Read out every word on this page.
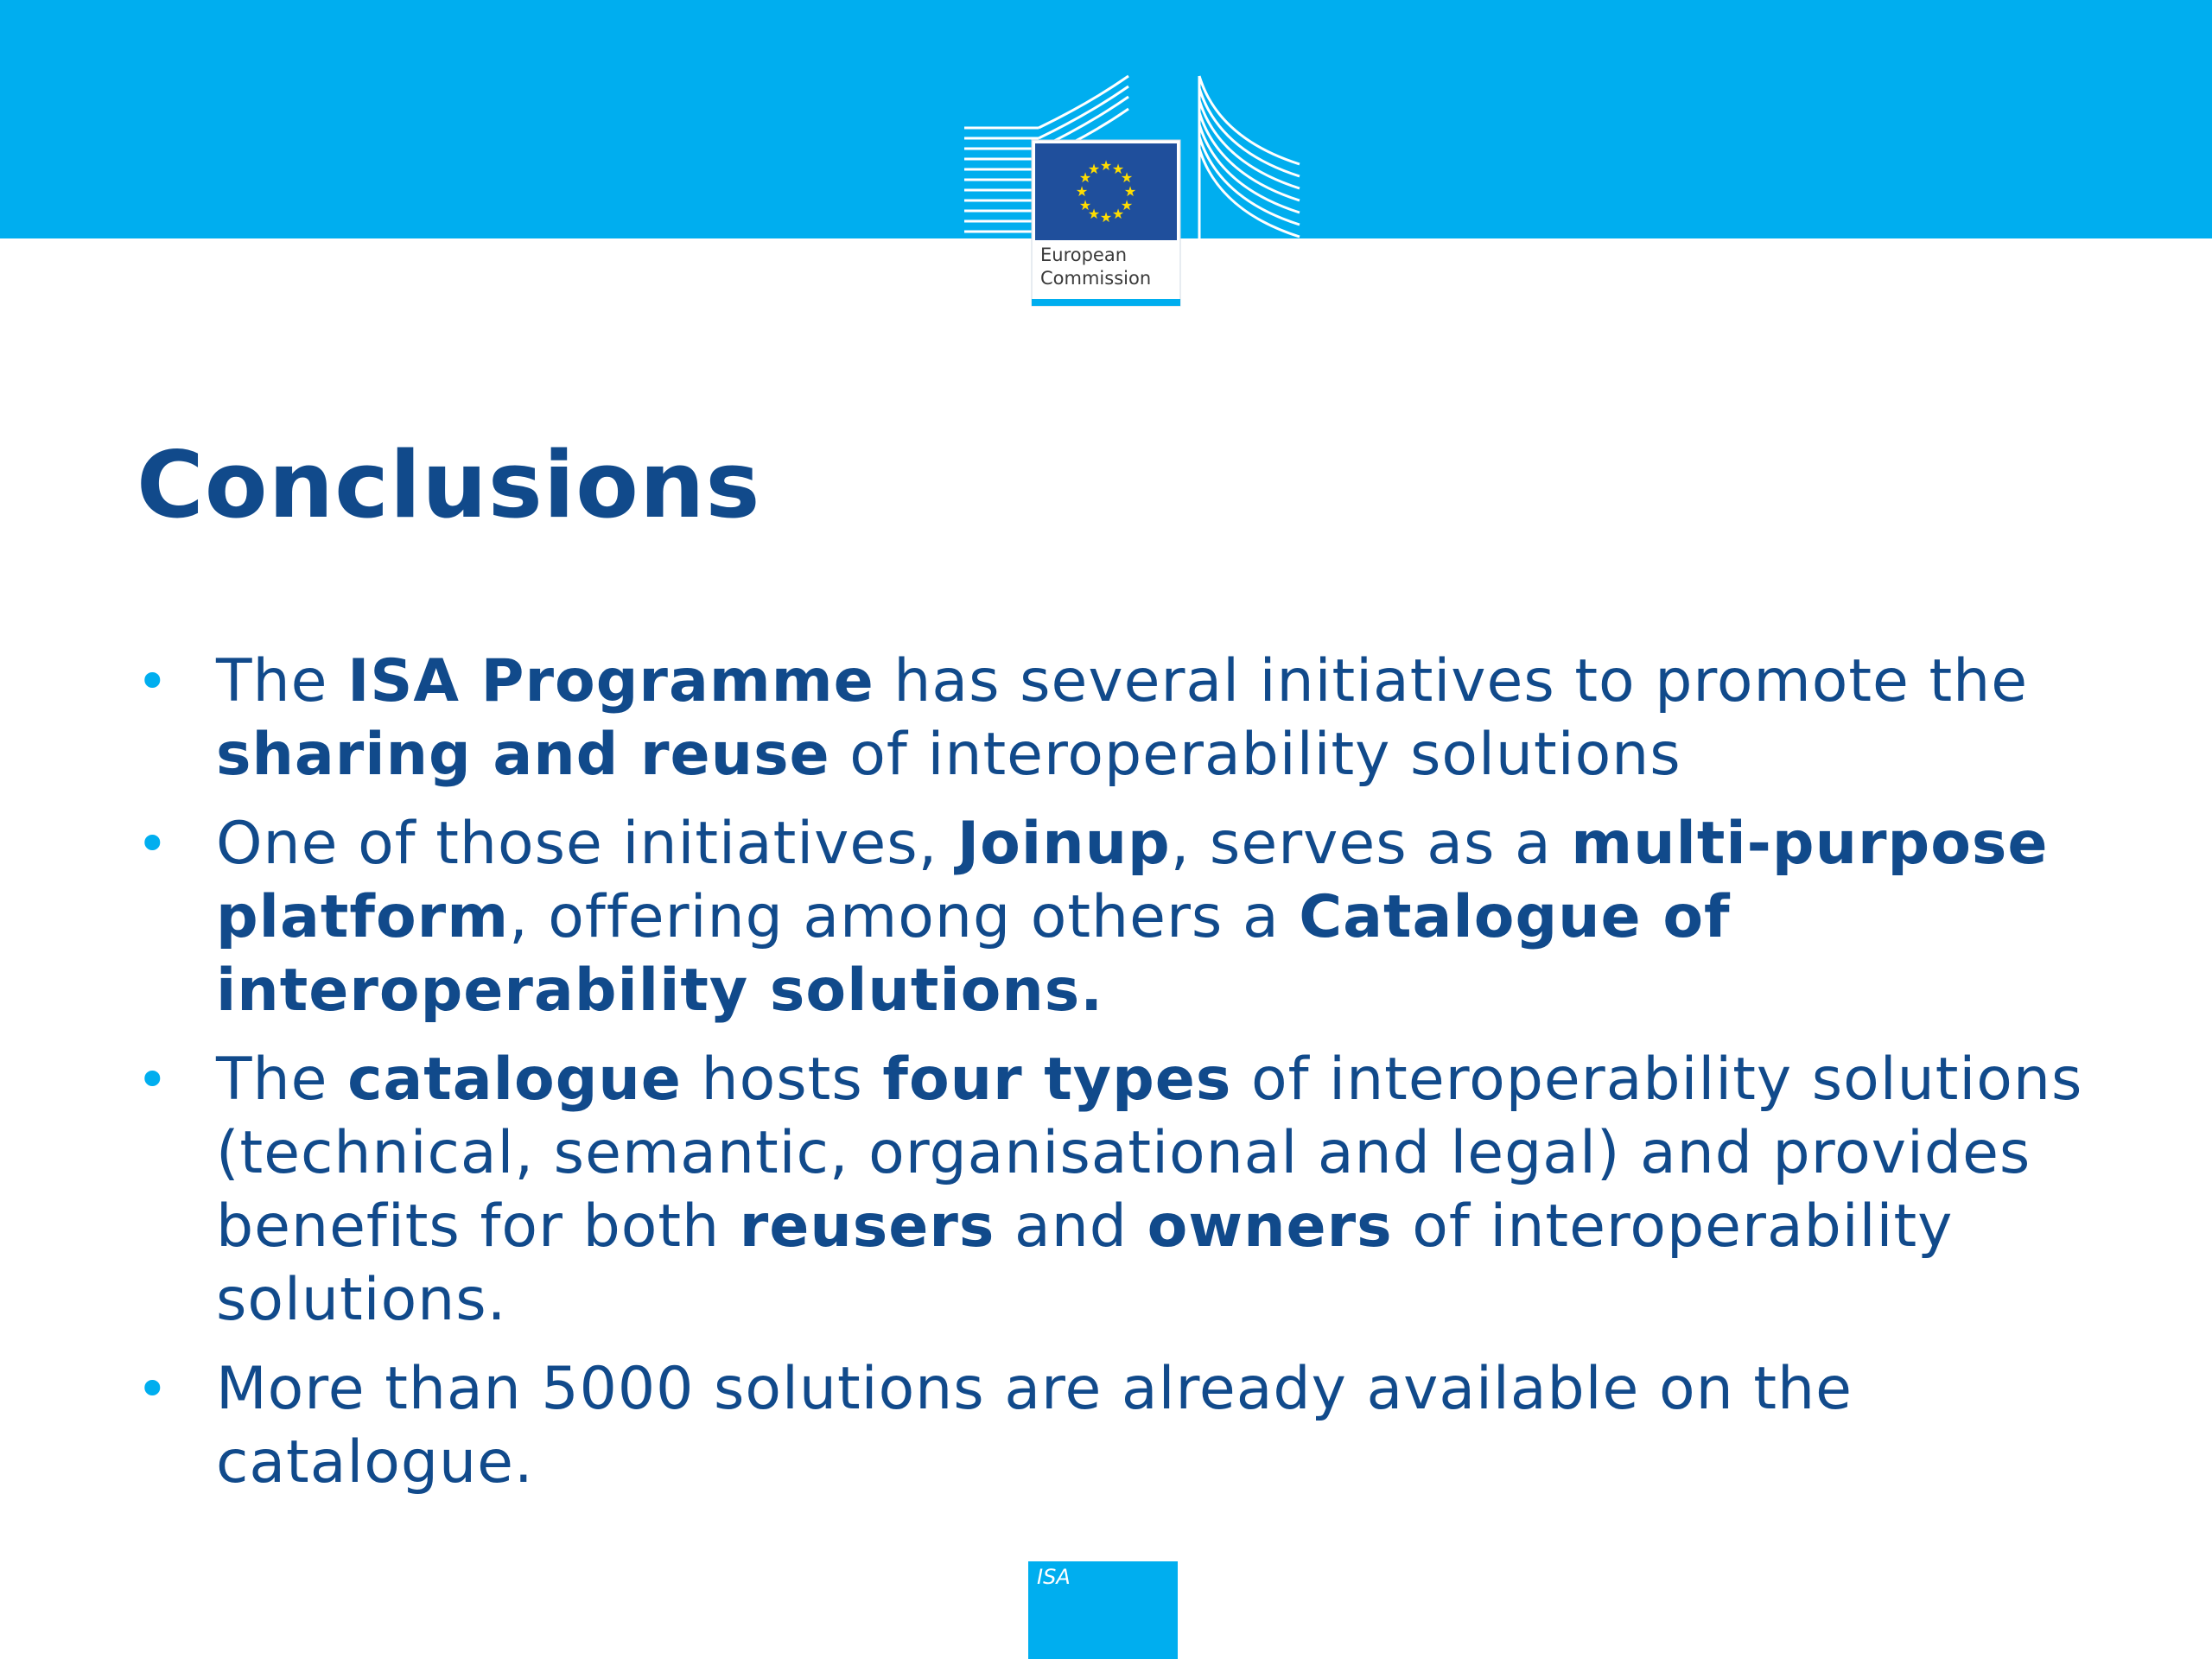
★ ★
★
★
★
★
★
★
★
★
★
★
European
Commission
Conclusions
• The ISA Programme has several initiatives to promote the sharing and reuse of interoperability solutions
• One of those initiatives, Joinup, serves as a multi-purpose platform, offering among others a Catalogue of interoperability solutions.
• The catalogue hosts four types of interoperability solutions (technical, semantic, organisational and legal) and provides benefits for both reusers and owners of interoperability solutions.
• More than 5000 solutions are already available on the catalogue.
ISA
